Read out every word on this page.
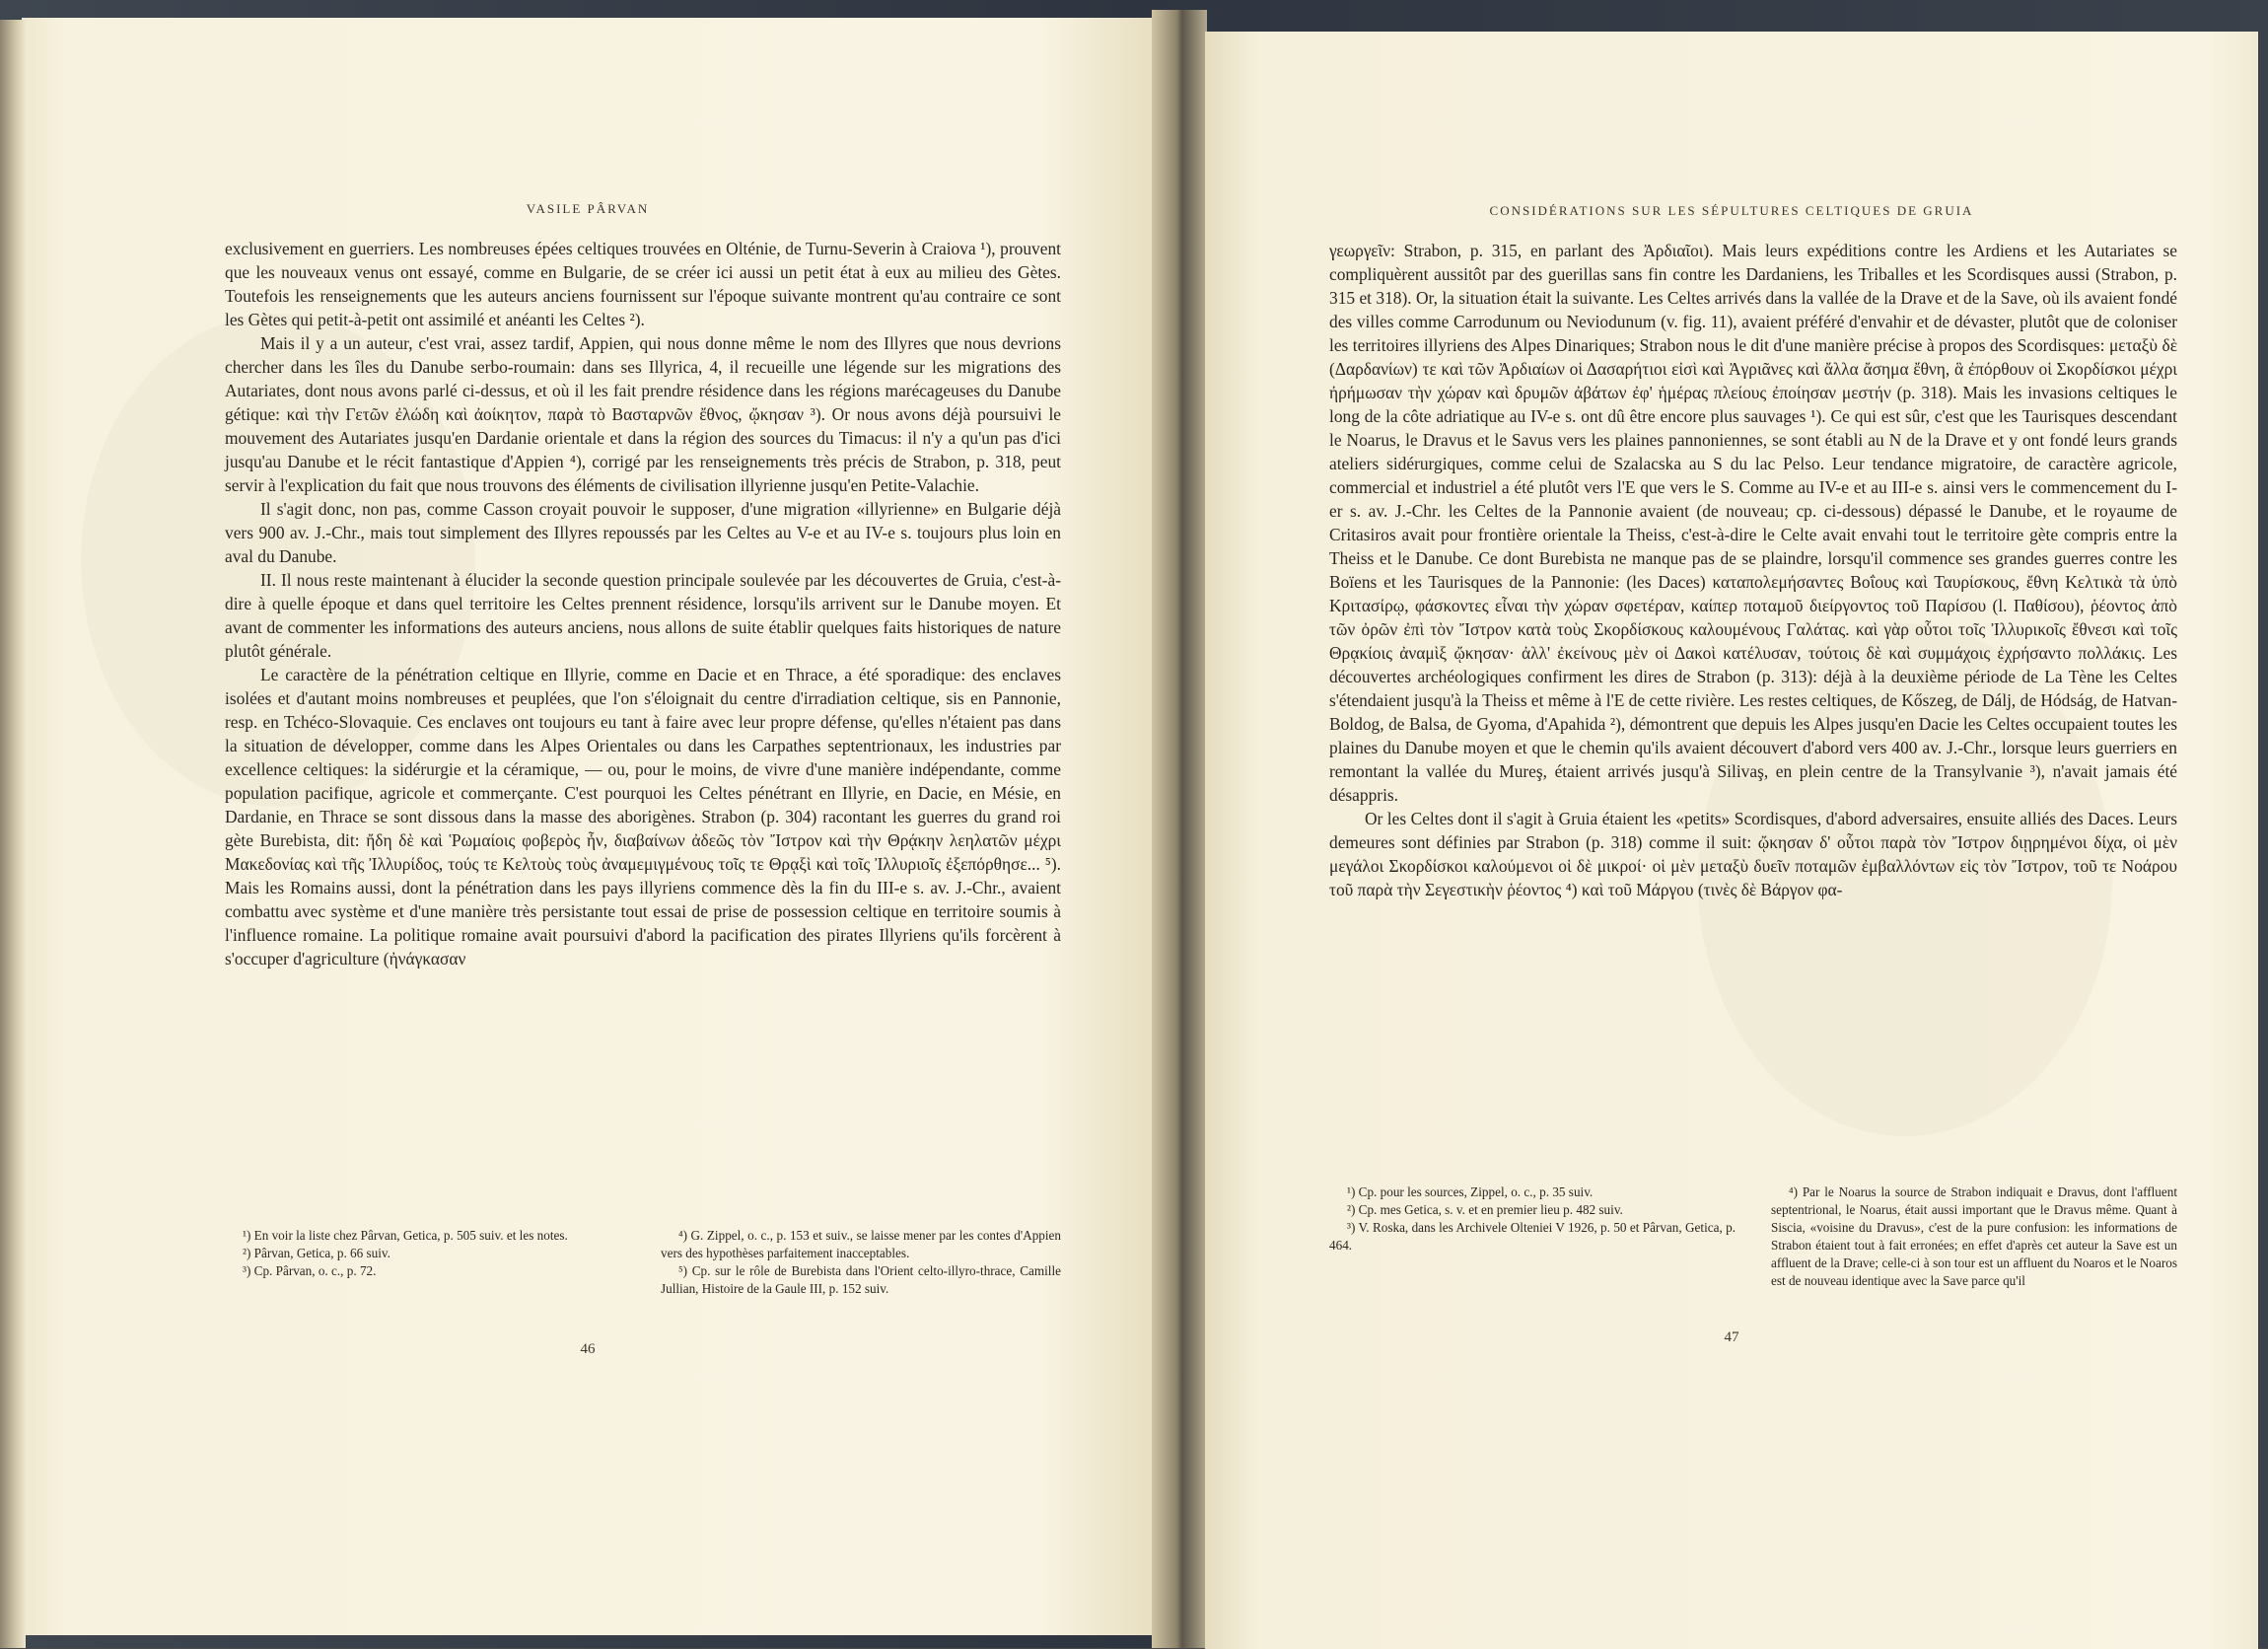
VASILE PÂRVAN

exclusivement en guerriers. Les nombreuses épées celtiques trouvées en Olténie, de Turnu-Severin à Craiova ¹), prouvent que les nouveaux venus ont essayé, comme en Bulgarie, de se créer ici aussi un petit état à eux au milieu des Gètes. Toutefois les renseignements que les auteurs anciens fournissent sur l'époque suivante montrent qu'au contraire ce sont les Gètes qui petit-à-petit ont assimilé et anéanti les Celtes ²).

Mais il y a un auteur, c'est vrai, assez tardif, Appien, qui nous donne même le nom des Illyres que nous devrions chercher dans les îles du Danube serbo-roumain: dans ses Illyrica, 4, il recueille une légende sur les migrations des Autariates, dont nous avons parlé ci-dessus, et où il les fait prendre résidence dans les régions marécageuses du Danube gétique: καὶ τὴν Γετῶν ἐλώδη καὶ ἀοίκητον, παρὰ τὸ Βασταρνῶν ἔθνος, ᾤκησαν ³). Or nous avons déjà poursuivi le mouvement des Autariates jusqu'en Dardanie orientale et dans la région des sources du Timacus: il n'y a qu'un pas d'ici jusqu'au Danube et le récit fantastique d'Appien ⁴), corrigé par les renseignements très précis de Strabon, p. 318, peut servir à l'explication du fait que nous trouvons des éléments de civilisation illyrienne jusqu'en Petite-Valachie.

Il s'agit donc, non pas, comme Casson croyait pouvoir le supposer, d'une migration «illyrienne» en Bulgarie déjà vers 900 av. J.-Chr., mais tout simplement des Illyres repoussés par les Celtes au V-e et au IV-e s. toujours plus loin en aval du Danube.

II. Il nous reste maintenant à élucider la seconde question principale soulevée par les découvertes de Gruia, c'est-à-dire à quelle époque et dans quel territoire les Celtes prennent résidence, lorsqu'ils arrivent sur le Danube moyen. Et avant de commenter les informations des auteurs anciens, nous allons de suite établir quelques faits historiques de nature plutôt générale.

Le caractère de la pénétration celtique en Illyrie, comme en Dacie et en Thrace, a été sporadique: des enclaves isolées et d'autant moins nombreuses et peuplées, que l'on s'éloignait du centre d'irradiation celtique, sis en Pannonie, resp. en Tchéco-Slovaquie. Ces enclaves ont toujours eu tant à faire avec leur propre défense, qu'elles n'étaient pas dans la situation de développer, comme dans les Alpes Orientales ou dans les Carpathes septentrionaux, les industries par excellence celtiques: la sidérurgie et la céramique, — ou, pour le moins, de vivre d'une manière indépendante, comme population pacifique, agricole et commerçante. C'est pourquoi les Celtes pénétrant en Illyrie, en Dacie, en Mésie, en Dardanie, en Thrace se sont dissous dans la masse des aborigènes. Strabon (p. 304) racontant les guerres du grand roi gète Burebista, dit: ἤδη δὲ καὶ Ῥωμαίοις φοβερὸς ἦν, διαβαίνων ἀδεῶς τὸν Ἴστρον καὶ τὴν Θρᾴκην λεηλατῶν μέχρι Μακεδονίας καὶ τῆς Ἰλλυρίδος, τούς τε Κελτοὺς τοὺς ἀναμεμιγμένους τοῖς τε Θρᾳξὶ καὶ τοῖς Ἰλλυριοῖς ἐξεπόρθησε... ⁵). Mais les Romains aussi, dont la pénétration dans les pays illyriens commence dès la fin du III-e s. av. J.-Chr., avaient combattu avec système et d'une manière très persistante tout essai de prise de possession celtique en territoire soumis à l'influence romaine. La politique romaine avait poursuivi d'abord la pacification des pirates Illyriens qu'ils forcèrent à s'occuper d'agriculture (ἠνάγκασαν

¹) En voir la liste chez Pârvan, Getica, p. 505 suiv. et les notes.

²) Pârvan, Getica, p. 66 suiv.

³) Cp. Pârvan, o. c., p. 72.

⁴) G. Zippel, o. c., p. 153 et suiv., se laisse mener par les contes d'Appien vers des hypothèses parfaitement inacceptables.

⁵) Cp. sur le rôle de Burebista dans l'Orient celto-illyro-thrace, Camille Jullian, Histoire de la Gaule III, p. 152 suiv.

46
CONSIDÉRATIONS SUR LES SÉPULTURES CELTIQUES DE GRUIA

γεωργεῖν: Strabon, p. 315, en parlant des Ἀρδιαῖοι). Mais leurs expéditions contre les Ardiens et les Autariates se compliquèrent aussitôt par des guerillas sans fin contre les Dardaniens, les Triballes et les Scordisques aussi (Strabon, p. 315 et 318). Or, la situation était la suivante. Les Celtes arrivés dans la vallée de la Drave et de la Save, où ils avaient fondé des villes comme Carrodunum ou Neviodunum (v. fig. 11), avaient préféré d'envahir et de dévaster, plutôt que de coloniser les territoires illyriens des Alpes Dinariques; Strabon nous le dit d'une manière précise à propos des Scordisques: μεταξὺ δὲ (Δαρδανίων) τε καὶ τῶν Ἀρδιαίων οἱ Δασαρήτιοι εἰσὶ καὶ Ἀγριᾶνες καὶ ἄλλα ἄσημα ἔθνη, ἃ ἐπόρθουν οἱ Σκορδίσκοι μέχρι ἠρήμωσαν τὴν χώραν καὶ δρυμῶν ἀβάτων ἐφ' ἡμέρας πλείους ἐποίησαν μεστήν (p. 318). Mais les invasions celtiques le long de la côte adriatique au IV-e s. ont dû être encore plus sauvages ¹). Ce qui est sûr, c'est que les Taurisques descendant le Noarus, le Dravus et le Savus vers les plaines pannoniennes, se sont établi au N de la Drave et y ont fondé leurs grands ateliers sidérurgiques, comme celui de Szalacska au S du lac Pelso. Leur tendance migratoire, de caractère agricole, commercial et industriel a été plutôt vers l'E que vers le S. Comme au IV-e et au III-e s. ainsi vers le commencement du I-er s. av. J.-Chr. les Celtes de la Pannonie avaient (de nouveau; cp. ci-dessous) dépassé le Danube, et le royaume de Critasiros avait pour frontière orientale la Theiss, c'est-à-dire le Celte avait envahi tout le territoire gète compris entre la Theiss et le Danube. Ce dont Burebista ne manque pas de se plaindre, lorsqu'il commence ses grandes guerres contre les Boïens et les Taurisques de la Pannonie: (les Daces) καταπολεμήσαντες Βοΐους καὶ Ταυρίσκους, ἔθνη Κελτικὰ τὰ ὑπὸ Κριτασίρῳ, φάσκοντες εἶναι τὴν χώραν σφετέραν, καίπερ ποταμοῦ διείργοντος τοῦ Παρίσου (l. Παθίσου), ῥέοντος ἀπὸ τῶν ὀρῶν ἐπὶ τὸν Ἴστρον κατὰ τοὺς Σκορδίσκους καλουμένους Γαλάτας. καὶ γὰρ οὗτοι τοῖς Ἰλλυρικοῖς ἔθνεσι καὶ τοῖς Θρᾳκίοις ἀναμὶξ ᾤκησαν· ἀλλ' ἐκείνους μὲν οἱ Δακοὶ κατέλυσαν, τούτοις δὲ καὶ συμμάχοις ἐχρήσαντο πολλάκις. Les découvertes archéologiques confirment les dires de Strabon (p. 313): déjà à la deuxième période de La Tène les Celtes s'étendaient jusqu'à la Theiss et même à l'E de cette rivière. Les restes celtiques, de Kőszeg, de Dálj, de Hódság, de Hatvan-Boldog, de Balsa, de Gyoma, d'Apahida ²), démontrent que depuis les Alpes jusqu'en Dacie les Celtes occupaient toutes les plaines du Danube moyen et que le chemin qu'ils avaient découvert d'abord vers 400 av. J.-Chr., lorsque leurs guerriers en remontant la vallée du Mureş, étaient arrivés jusqu'à Silivaş, en plein centre de la Transylvanie ³), n'avait jamais été désappris.

Or les Celtes dont il s'agit à Gruia étaient les «petits» Scordisques, d'abord adversaires, ensuite alliés des Daces. Leurs demeures sont définies par Strabon (p. 318) comme il suit: ᾤκησαν δ' οὗτοι παρὰ τὸν Ἴστρον διῃρημένοι δίχα, οἱ μὲν μεγάλοι Σκορδίσκοι καλούμενοι οἱ δὲ μικροί· οἱ μὲν μεταξὺ δυεῖν ποταμῶν ἐμβαλλόντων εἰς τὸν Ἴστρον, τοῦ τε Νοάρου τοῦ παρὰ τὴν Σεγεστικὴν ῥέοντος ⁴) καὶ τοῦ Μάργου (τινὲς δὲ Βάργον φα-

¹) Cp. pour les sources, Zippel, o. c., p. 35 suiv.

²) Cp. mes Getica, s. v. et en premier lieu p. 482 suiv.

³) V. Roska, dans les Archivele Olteniei V 1926, p. 50 et Pârvan, Getica, p. 464.

⁴) Par le Noarus la source de Strabon indiquait e Dravus, dont l'affluent septentrional, le Noarus, était aussi important que le Dravus même. Quant à Siscia, «voisine du Dravus», c'est de la pure confusion: les informations de Strabon étaient tout à fait erronées; en effet d'après cet auteur la Save est un affluent de la Drave; celle-ci à son tour est un affluent du Noaros et le Noaros est de nouveau identique avec la Save parce qu'il

47
